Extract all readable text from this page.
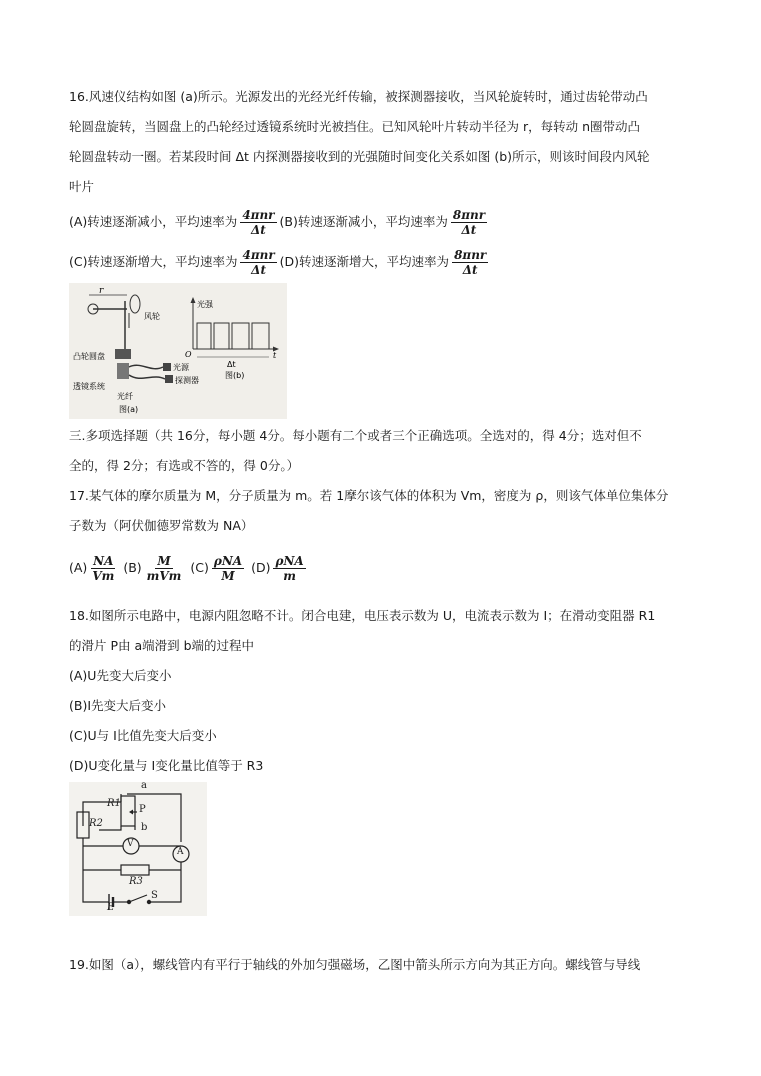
16.风速仪结构如图 (a)所示。光源发出的光经光纤传输，被探测器接收，当风轮旋转时，通过齿轮带动凸
轮圆盘旋转，当圆盘上的凸轮经过透镜系统时光被挡住。已知风轮叶片转动半径为 r，每转动 n圈带动凸
轮圆盘转动一圈。若某段时间 Δt 内探测器接收到的光强随时间变化关系如图 (b)所示，则该时间段内风轮
叶片
(A)转速逐渐减小，平均速率为 $\frac{\text{4πnr}}{\Delta t} (B)$转速逐渐减小，平均速率为 $\frac{\text{8πnr}}{\Delta t}$
(C)转速逐渐增大，平均速率为 $\frac{\text{4πnr}}{\Delta t} (D)$转速逐渐增大，平均速率为 $\frac{\text{8πnr}}{\Delta t}$
r
风轮
凸轮圆盘
透镜系统
光源
探测器
光纤
图(a)
光强
O	t
Δt
图(b)
三.多项选择题（共 16分，每小题 4分。每小题有二个或者三个正确选项。全选对的，得 4分；选对但不
全的，得 2分；有选或不答的，得 0分。）
17.某气体的摩尔质量为 M，分子质量为 m。若 1摩尔该气体的体积为 Vm，密度为 ρ，则该气体单位集体分
子数为（阿伏伽德罗常数为 NA）
$(A) \frac{NA}{Vm} (B) \frac{M}{\text{mVm}} (C) \frac{\text{ρNA}}{M} (D) \frac{\text{ρNA}}{m}$
18.如图所示电路中，电源内阻忽略不计。闭合电建，电压表示数为 U，电流表示数为 I；在滑动变阻器 R1
的滑片 P由 a端滑到 b端的过程中
(A)U先变大后变小
(B)I先变大后变小
(C)U与 I比值先变大后变小
(D)U变化量与 I变化量比值等于 R3
a
R1
P
b
R2
A
V
R3
E
S
19.如图（a），螺线管内有平行于轴线的外加匀强磁场，乙图中箭头所示方向为其正方向。螺线管与导线
